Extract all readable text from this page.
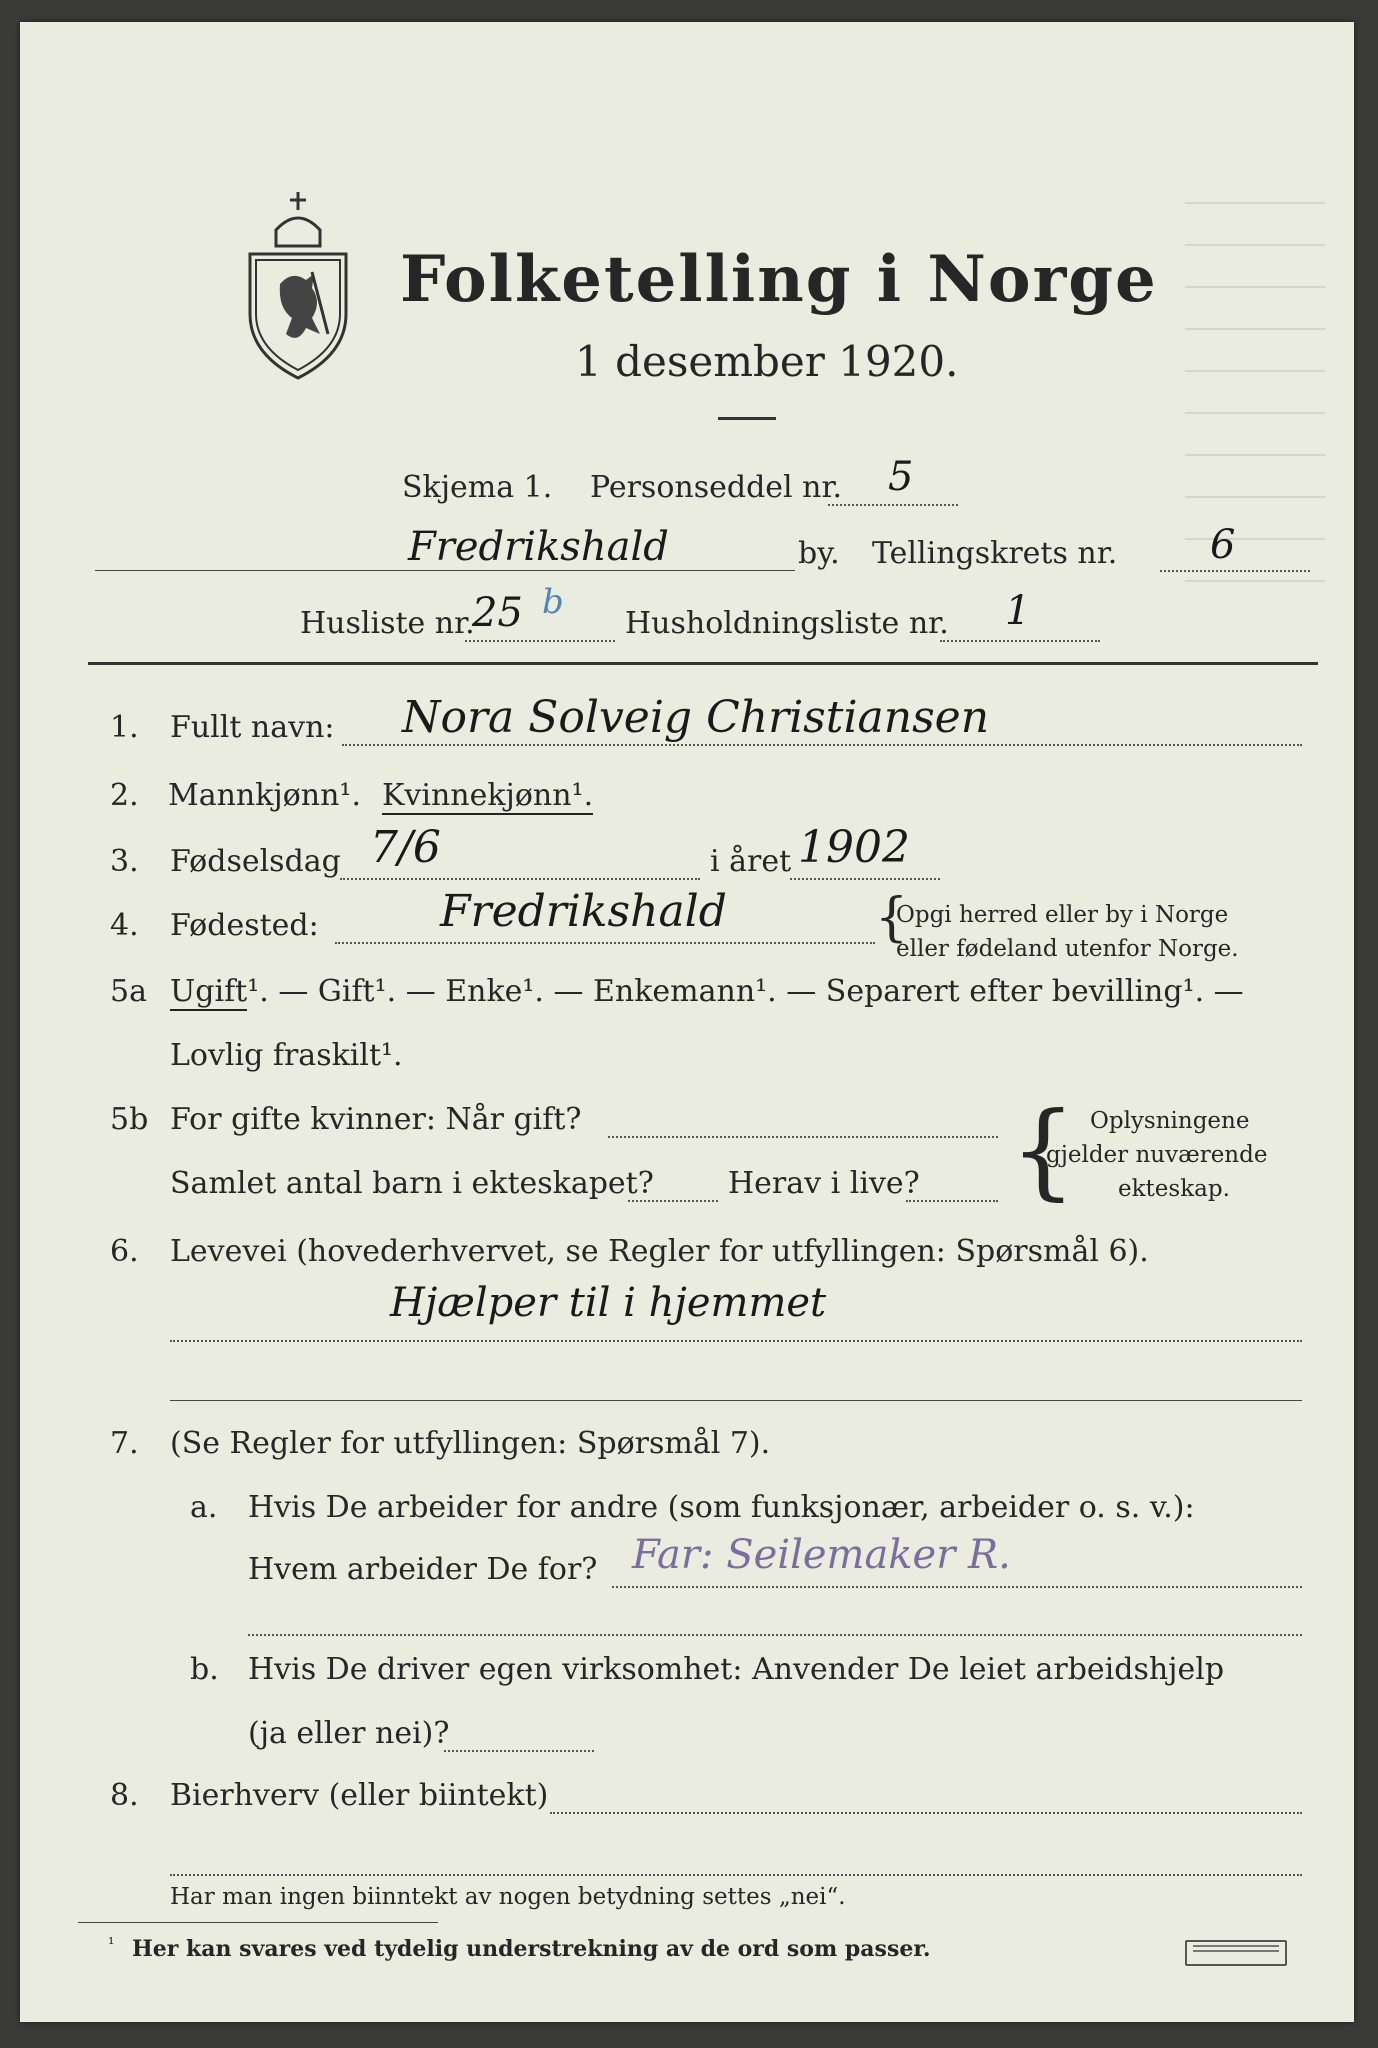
Folketelling i Norge
1 desember 1920.
Skjema 1. Personseddel nr. 5
Fredrikshald	by. Tellingskrets nr. 6
Husliste nr.
25 b
Husholdningsliste nr. 1
1. Fullt navn: Nora Solveig Christiansen
2. Mannkjønn¹. Kvinnekjønn¹.
3. Fødselsdag 7/6	i året 1902
4. Fødested:	Fredrikshald	{
Opgi herred eller by i Norge
eller fødeland utenfor Norge.
5a Ugift¹. — Gift¹. — Enke¹. — Enkemann¹. — Separert efter bevilling¹. —
Lovlig fraskilt¹.
5b For gifte kvinner: Når gift?
Samlet antal barn i ekteskapet? Herav i live? { Oplysningene
gjelder nuværende
ekteskap.
6. Levevei (hovederhvervet, se Regler for utfyllingen: Spørsmål 6).
Hjælper til i hjemmet
7. (Se Regler for utfyllingen: Spørsmål 7).
a. Hvis De arbeider for andre (som funksjonær, arbeider o. s. v.):
Hvem arbeider De for? Far: Seilemaker R.
b. Hvis De driver egen virksomhet: Anvender De leiet arbeidshjelp
(ja eller nei)?
8. Bierhverv (eller biintekt)
Har man ingen biinntekt av nogen betydning settes „nei“.
¹ Her kan svares ved tydelig understrekning av de ord som passer.
